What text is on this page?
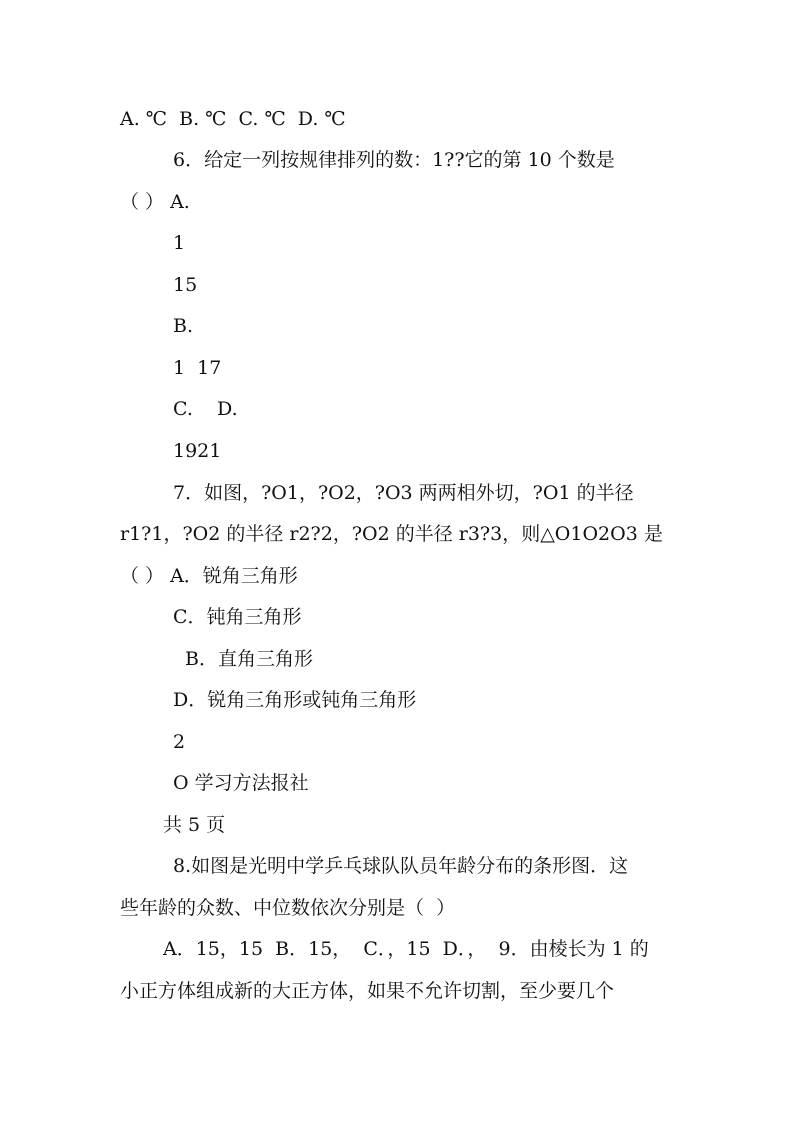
A. ℃  B. ℃  C. ℃  D. ℃

6．给定一列按规律排列的数：1??它的第 10 个数是

（ ） A.

1

15

B.

1  17

C.    D.

1921

7．如图，?O1，?O2，?O3 两两相外切，?O1 的半径

r1?1，?O2 的半径 r2?2，?O2 的半径 r3?3，则△O1O2O3 是

（ ） A．锐角三角形

C．钝角三角形

B．直角三角形

D．锐角三角形或钝角三角形

2

O 学习方法报社

共 5 页

8.如图是光明中学乒乓球队队员年龄分布的条形图．这

些年龄的众数、中位数依次分别是（  ）

A．15，15  B．15，  C．，15  D．，  9．由棱长为 1 的

小正方体组成新的大正方体，如果不允许切割，至少要几个
